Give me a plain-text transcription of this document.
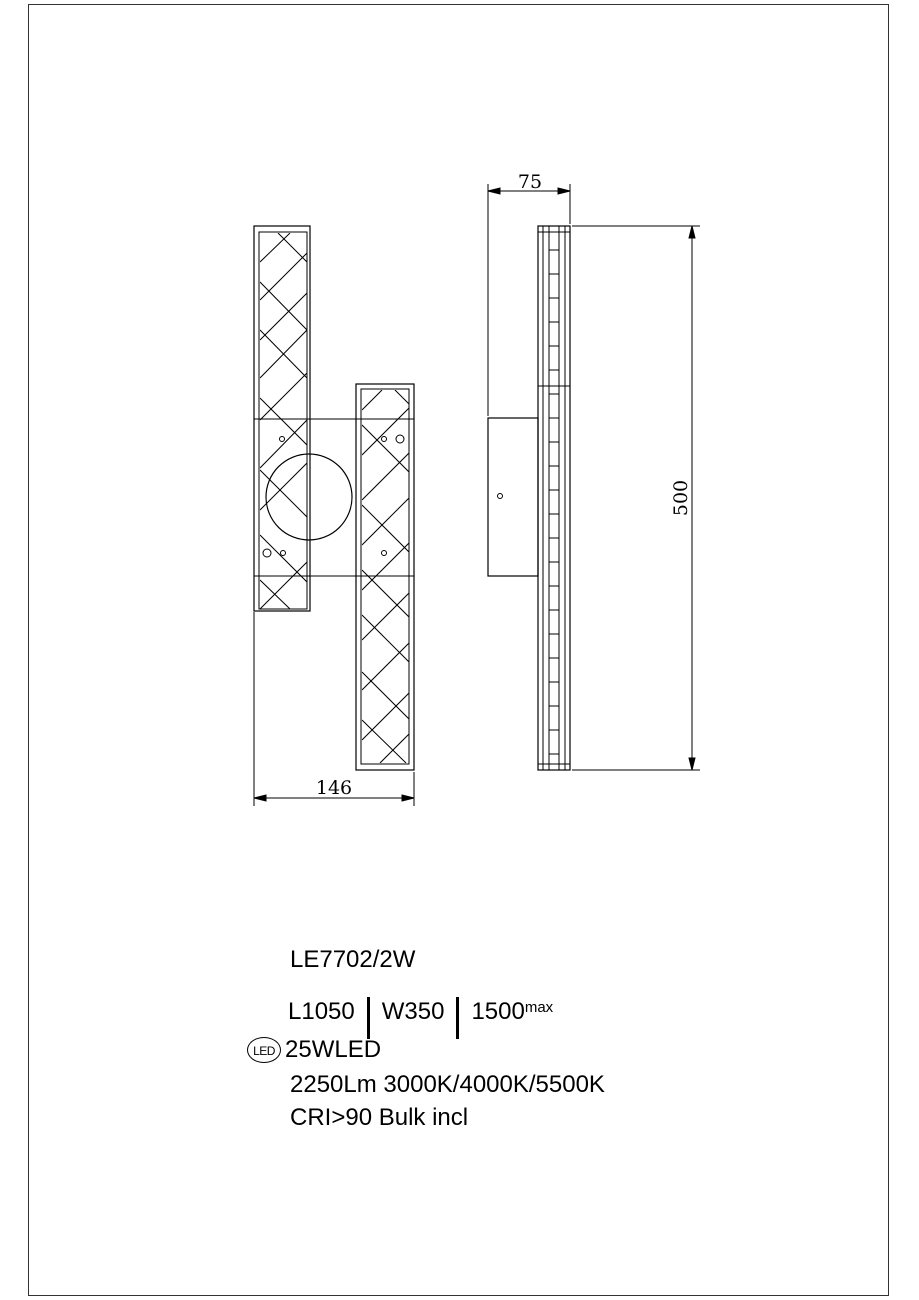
146
75
500
LE7702/2W
L1050 W350 $1500^{max}$
LED 25WLED
2250Lm 3000K/4000K/5500K
CRI>90 Bulk incl
